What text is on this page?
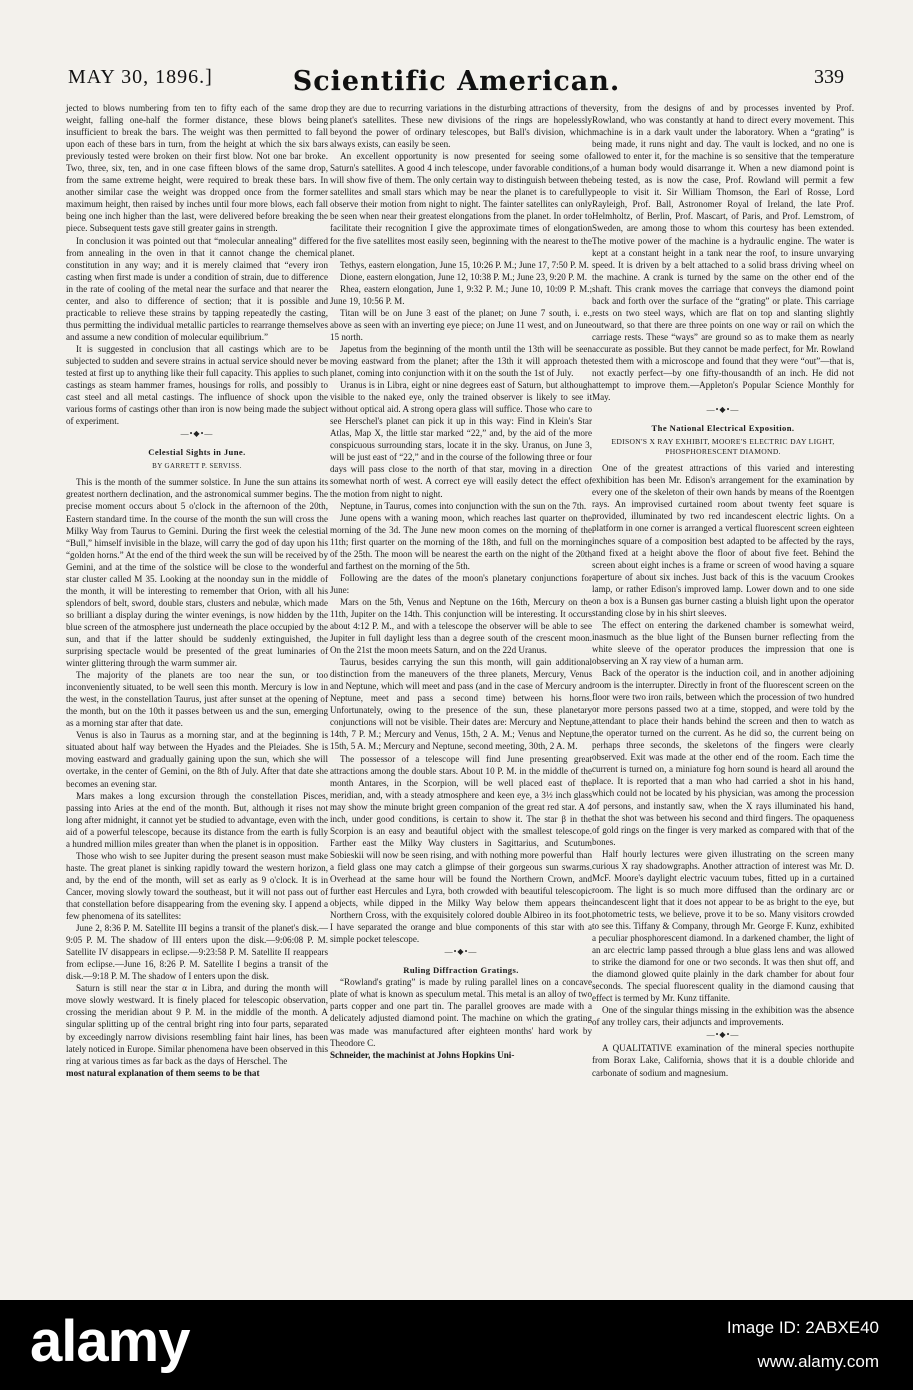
MAY 30, 1896.]	Scientific American.	339

jected to blows numbering from ten to fifty each of the same drop weight, falling one-half the former distance, these blows being insufficient to break the bars. The weight was then permitted to fall upon each of these bars in turn, from the height at which the six bars previously tested were broken on their first blow. Not one bar broke. Two, three, six, ten, and in one case fifteen blows of the same drop, from the same extreme height, were required to break these bars. In another similar case the weight was dropped once from the former maximum height, then raised by inches until four more blows, each fall being one inch higher than the last, were delivered before breaking the piece. Subsequent tests gave still greater gains in strength.

In conclusion it was pointed out that “molecular annealing” differed from annealing in the oven in that it cannot change the chemical constitution in any way; and it is merely claimed that “every iron casting when first made is under a condition of strain, due to difference in the rate of cooling of the metal near the surface and that nearer the center, and also to difference of section; that it is possible and practicable to relieve these strains by tapping repeatedly the casting, thus permitting the individual metallic particles to rearrange themselves and assume a new condition of molecular equilibrium.”

It is suggested in conclusion that all castings which are to be subjected to sudden and severe strains in actual service should never be tested at first up to anything like their full capacity. This applies to such castings as steam hammer frames, housings for rolls, and possibly to cast steel and all metal castings. The influence of shock upon the various forms of castings other than iron is now being made the subject of experiment.

—•◆•—
Celestial Sights in June.
BY GARRETT P. SERVISS.

This is the month of the summer solstice. In June the sun attains its greatest northern declination, and the astronomical summer begins. The precise moment occurs about 5 o'clock in the afternoon of the 20th, Eastern standard time. In the course of the month the sun will cross the Milky Way from Taurus to Gemini. During the first week the celestial “Bull,” himself invisible in the blaze, will carry the god of day upon his “golden horns.” At the end of the third week the sun will be received by Gemini, and at the time of the solstice will be close to the wonderful star cluster called M 35. Looking at the noonday sun in the middle of the month, it will be interesting to remember that Orion, with all his splendors of belt, sword, double stars, clusters and nebulæ, which made so brilliant a display during the winter evenings, is now hidden by the blue screen of the atmosphere just underneath the place occupied by the sun, and that if the latter should be suddenly extinguished, the surprising spectacle would be presented of the great luminaries of winter glittering through the warm summer air.

The majority of the planets are too near the sun, or too inconveniently situated, to be well seen this month. Mercury is low in the west, in the constellation Taurus, just after sunset at the opening of the month, but on the 10th it passes between us and the sun, emerging as a morning star after that date.

Venus is also in Taurus as a morning star, and at the beginning is situated about half way between the Hyades and the Pleiades. She is moving eastward and gradually gaining upon the sun, which she will overtake, in the center of Gemini, on the 8th of July. After that date she becomes an evening star.

Mars makes a long excursion through the constellation Pisces, passing into Aries at the end of the month. But, although it rises not long after midnight, it cannot yet be studied to advantage, even with the aid of a powerful telescope, because its distance from the earth is fully a hundred million miles greater than when the planet is in opposition.

Those who wish to see Jupiter during the present season must make haste. The great planet is sinking rapidly toward the western horizon, and, by the end of the month, will set as early as 9 o'clock. It is in Cancer, moving slowly toward the southeast, but it will not pass out of that constellation before disappearing from the evening sky. I append a few phenomena of its satellites:

June 2, 8:36 P. M. Satellite III begins a transit of the planet's disk.—9:05 P. M. The shadow of III enters upon the disk.—9:06:08 P. M. Satellite IV disappears in eclipse.—9:23:58 P. M. Satellite II reappears from eclipse.—June 16, 8:26 P. M. Satellite I begins a transit of the disk.—9:18 P. M. The shadow of I enters upon the disk.

Saturn is still near the star α in Libra, and during the month will move slowly westward. It is finely placed for telescopic observation, crossing the meridian about 9 P. M. in the middle of the month. A singular splitting up of the central bright ring into four parts, separated by exceedingly narrow divisions resembling faint hair lines, has been lately noticed in Europe. Similar phenomena have been observed in this ring at various times as far back as the days of Herschel. The

most natural explanation of them seems to be that

they are due to recurring variations in the disturbing attractions of the planet's satellites. These new divisions of the rings are hopelessly beyond the power of ordinary telescopes, but Ball's division, which always exists, can easily be seen.

An excellent opportunity is now presented for seeing some of Saturn's satellites. A good 4 inch telescope, under favorable conditions, will show five of them. The only certain way to distinguish between the satellites and small stars which may be near the planet is to carefully observe their motion from night to night. The fainter satellites can only be seen when near their greatest elongations from the planet. In order to facilitate their recognition I give the approximate times of elongation for the five satellites most easily seen, beginning with the nearest to the planet.

Tethys, eastern elongation, June 15, 10:26 P. M.; June 17, 7:50 P. M.

Dione, eastern elongation, June 12, 10:38 P. M.; June 23, 9:20 P. M.

Rhea, eastern elongation, June 1, 9:32 P. M.; June 10, 10:09 P. M.; June 19, 10:56 P. M.

Titan will be on June 3 east of the planet; on June 7 south, i. e., above as seen with an inverting eye piece; on June 11 west, and on June 15 north.

Japetus from the beginning of the month until the 13th will be seen moving eastward from the planet; after the 13th it will approach the planet, coming into conjunction with it on the south the 1st of July.

Uranus is in Libra, eight or nine degrees east of Saturn, but although visible to the naked eye, only the trained observer is likely to see it without optical aid. A strong opera glass will suffice. Those who care to see Herschel's planet can pick it up in this way: Find in Klein's Star Atlas, Map X, the little star marked “22,” and, by the aid of the more conspicuous surrounding stars, locate it in the sky. Uranus, on June 3, will be just east of “22,” and in the course of the following three or four days will pass close to the north of that star, moving in a direction somewhat north of west. A correct eye will easily detect the effect of the motion from night to night.

Neptune, in Taurus, comes into conjunction with the sun on the 7th.

June opens with a waning moon, which reaches last quarter on the morning of the 3d. The June new moon comes on the morning of the 11th; first quarter on the morning of the 18th, and full on the morning of the 25th. The moon will be nearest the earth on the night of the 20th and farthest on the morning of the 5th.

Following are the dates of the moon's planetary conjunctions for June:

Mars on the 5th, Venus and Neptune on the 16th, Mercury on the 11th, Jupiter on the 14th. This conjunction will be interesting. It occurs about 4:12 P. M., and with a telescope the observer will be able to see Jupiter in full daylight less than a degree south of the crescent moon. On the 21st the moon meets Saturn, and on the 22d Uranus.

Taurus, besides carrying the sun this month, will gain additional distinction from the maneuvers of the three planets, Mercury, Venus and Neptune, which will meet and pass (and in the case of Mercury and Neptune, meet and pass a second time) between his horns. Unfortunately, owing to the presence of the sun, these planetary conjunctions will not be visible. Their dates are: Mercury and Neptune, 14th, 7 P. M.; Mercury and Venus, 15th, 2 A. M.; Venus and Neptune, 15th, 5 A. M.; Mercury and Neptune, second meeting, 30th, 2 A. M.

The possessor of a telescope will find June presenting great attractions among the double stars. About 10 P. M. in the middle of the month Antares, in the Scorpion, will be well placed east of the meridian, and, with a steady atmosphere and keen eye, a 3½ inch glass may show the minute bright green companion of the great red star. A 4 inch, under good conditions, is certain to show it. The star β in the Scorpion is an easy and beautiful object with the smallest telescope. Farther east the Milky Way clusters in Sagittarius, and Scutum Sobieskii will now be seen rising, and with nothing more powerful than a field glass one may catch a glimpse of their gorgeous sun swarms. Overhead at the same hour will be found the Northern Crown, and further east Hercules and Lyra, both crowded with beautiful telescopic objects, while dipped in the Milky Way below them appears the Northern Cross, with the exquisitely colored double Albireo in its foot. I have separated the orange and blue components of this star with a simple pocket telescope.

—•◆•—
Ruling Diffraction Gratings.

“Rowland's grating” is made by ruling parallel lines on a concave plate of what is known as speculum metal. This metal is an alloy of two parts copper and one part tin. The parallel grooves are made with a delicately adjusted diamond point. The machine on which the grating was made was manufactured after eighteen months' hard work by Theodore C.

Schneider, the machinist at Johns Hopkins Uni-

versity, from the designs of and by processes invented by Prof. Rowland, who was constantly at hand to direct every movement. This machine is in a dark vault under the laboratory. When a “grating” is being made, it runs night and day. The vault is locked, and no one is allowed to enter it, for the machine is so sensitive that the temperature of a human body would disarrange it. When a new diamond point is being tested, as is now the case, Prof. Rowland will permit a few people to visit it. Sir William Thomson, the Earl of Rosse, Lord Rayleigh, Prof. Ball, Astronomer Royal of Ireland, the late Prof. Helmholtz, of Berlin, Prof. Mascart, of Paris, and Prof. Lemstrom, of Sweden, are among those to whom this courtesy has been extended. The motive power of the machine is a hydraulic engine. The water is kept at a constant height in a tank near the roof, to insure unvarying speed. It is driven by a belt attached to a solid brass driving wheel on the machine. A crank is turned by the same on the other end of the shaft. This crank moves the carriage that conveys the diamond point back and forth over the surface of the “grating” or plate. This carriage rests on two steel ways, which are flat on top and slanting slightly outward, so that there are three points on one way or rail on which the carriage rests. These “ways” are ground so as to make them as nearly accurate as possible. But they cannot be made perfect, for Mr. Rowland tested them with a microscope and found that they were “out”—that is, not exactly perfect—by one fifty-thousandth of an inch. He did not attempt to improve them.—Appleton's Popular Science Monthly for May.

—•◆•—
The National Electrical Exposition.
EDISON'S X RAY EXHIBIT, MOORE'S ELECTRIC DAY LIGHT, PHOSPHORESCENT DIAMOND.

One of the greatest attractions of this varied and interesting exhibition has been Mr. Edison's arrangement for the examination by every one of the skeleton of their own hands by means of the Roentgen rays. An improvised curtained room about twenty feet square is provided, illuminated by two red incandescent electric lights. On a platform in one corner is arranged a vertical fluorescent screen eighteen inches square of a composition best adapted to be affected by the rays, and fixed at a height above the floor of about five feet. Behind the screen about eight inches is a frame or screen of wood having a square aperture of about six inches. Just back of this is the vacuum Crookes lamp, or rather Edison's improved lamp. Lower down and to one side on a box is a Bunsen gas burner casting a bluish light upon the operator standing close by in his shirt sleeves.

The effect on entering the darkened chamber is somewhat weird, inasmuch as the blue light of the Bunsen burner reflecting from the white sleeve of the operator produces the impression that one is observing an X ray view of a human arm.

Back of the operator is the induction coil, and in another adjoining room is the interrupter. Directly in front of the fluorescent screen on the floor were two iron rails, between which the procession of two hundred or more persons passed two at a time, stopped, and were told by the attendant to place their hands behind the screen and then to watch as the operator turned on the current. As he did so, the current being on perhaps three seconds, the skeletons of the fingers were clearly observed. Exit was made at the other end of the room. Each time the current is turned on, a miniature fog horn sound is heard all around the place. It is reported that a man who had carried a shot in his hand, which could not be located by his physician, was among the procession of persons, and instantly saw, when the X rays illuminated his hand, that the shot was between his second and third fingers. The opaqueness of gold rings on the finger is very marked as compared with that of the bones.

Half hourly lectures were given illustrating on the screen many curious X ray shadowgraphs. Another attraction of interest was Mr. D. McF. Moore's daylight electric vacuum tubes, fitted up in a curtained room. The light is so much more diffused than the ordinary arc or incandescent light that it does not appear to be as bright to the eye, but photometric tests, we believe, prove it to be so. Many visitors crowded to see this. Tiffany & Company, through Mr. George F. Kunz, exhibited a peculiar phosphorescent diamond. In a darkened chamber, the light of an arc electric lamp passed through a blue glass lens and was allowed to strike the diamond for one or two seconds. It was then shut off, and the diamond glowed quite plainly in the dark chamber for about four seconds. The special fluorescent quality in the diamond causing that effect is termed by Mr. Kunz tiffanite.

One of the singular things missing in the exhibition was the absence of any trolley cars, their adjuncts and improvements.

—•◆•—

A QUALITATIVE examination of the mineral species northupite from Borax Lake, California, shows that it is a double chloride and carbonate of sodium and magnesium.

alamy	Image ID: 2ABXE40
www.alamy.com
